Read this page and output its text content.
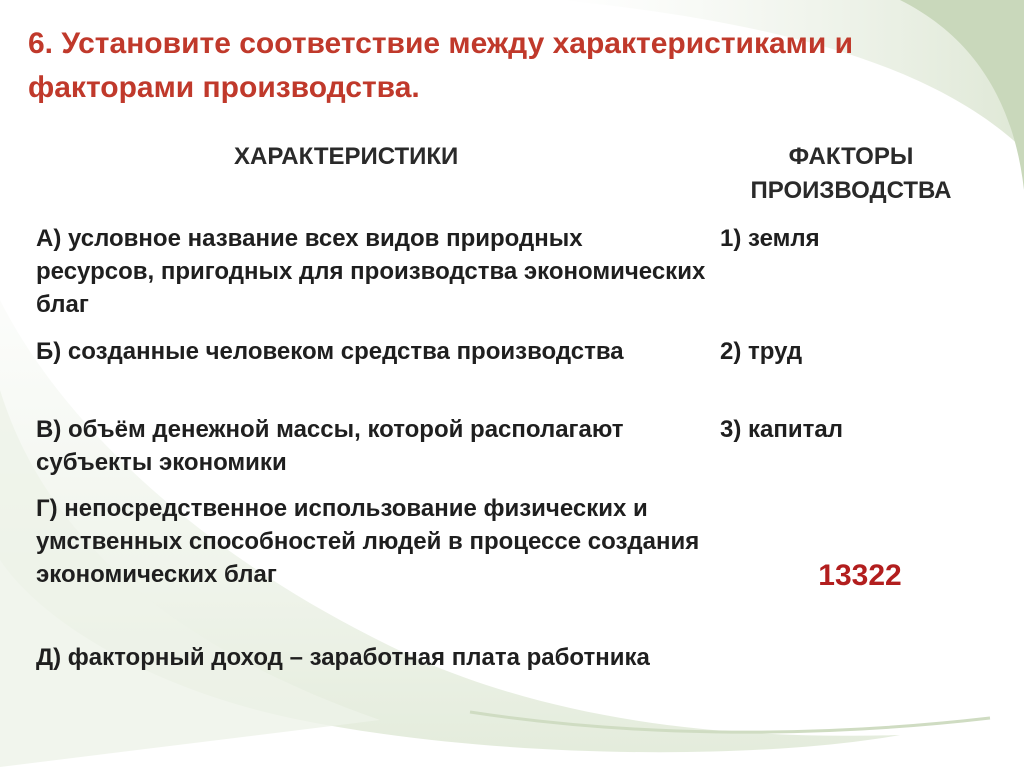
6. Установите соответствие между характеристиками и факторами производства.
ХАРАКТЕРИСТИКИ	ФАКТОРЫ
ПРОИЗВОДСТВА
А) условное название всех видов природных ресурсов, пригодных для производства экономических благ
Б) созданные человеком средства производства
В) объём денежной массы, которой располагают субъекты экономики
Г) непосредственное использование физических и умственных способностей людей в процессе создания экономических благ
Д) факторный доход – заработная плата работника
1) земля
2) труд
3) капитал
13322
